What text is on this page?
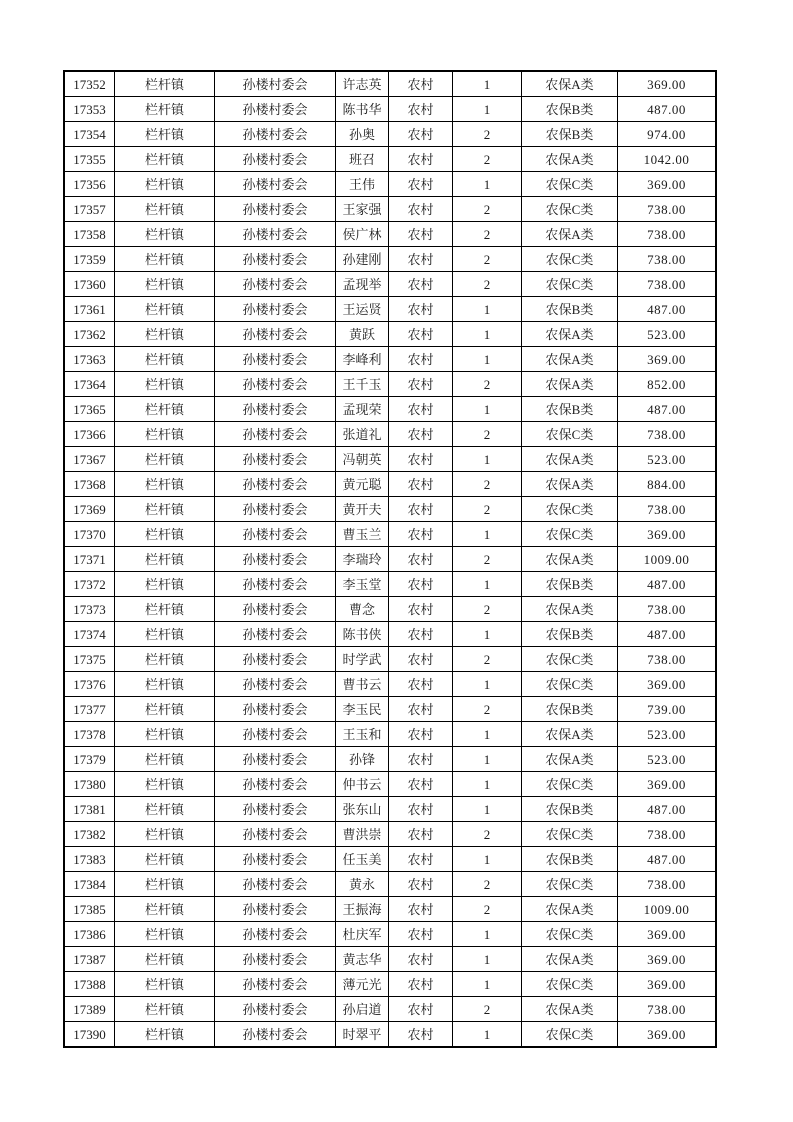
17352	栏杆镇	孙楼村委会	许志英	农村	1	农保A类	369.00
17353	栏杆镇	孙楼村委会	陈书华	农村	1	农保B类	487.00
17354	栏杆镇	孙楼村委会	孙奥	农村	2	农保B类	974.00
17355	栏杆镇	孙楼村委会	班召	农村	2	农保A类	1042.00
17356	栏杆镇	孙楼村委会	王伟	农村	1	农保C类	369.00
17357	栏杆镇	孙楼村委会	王家强	农村	2	农保C类	738.00
17358	栏杆镇	孙楼村委会	侯广林	农村	2	农保A类	738.00
17359	栏杆镇	孙楼村委会	孙建刚	农村	2	农保C类	738.00
17360	栏杆镇	孙楼村委会	孟现举	农村	2	农保C类	738.00
17361	栏杆镇	孙楼村委会	王运贤	农村	1	农保B类	487.00
17362	栏杆镇	孙楼村委会	黄跃	农村	1	农保A类	523.00
17363	栏杆镇	孙楼村委会	李峰利	农村	1	农保A类	369.00
17364	栏杆镇	孙楼村委会	王千玉	农村	2	农保A类	852.00
17365	栏杆镇	孙楼村委会	孟现荣	农村	1	农保B类	487.00
17366	栏杆镇	孙楼村委会	张道礼	农村	2	农保C类	738.00
17367	栏杆镇	孙楼村委会	冯朝英	农村	1	农保A类	523.00
17368	栏杆镇	孙楼村委会	黄元聪	农村	2	农保A类	884.00
17369	栏杆镇	孙楼村委会	黄开夫	农村	2	农保C类	738.00
17370	栏杆镇	孙楼村委会	曹玉兰	农村	1	农保C类	369.00
17371	栏杆镇	孙楼村委会	李瑞玲	农村	2	农保A类	1009.00
17372	栏杆镇	孙楼村委会	李玉堂	农村	1	农保B类	487.00
17373	栏杆镇	孙楼村委会	曹念	农村	2	农保A类	738.00
17374	栏杆镇	孙楼村委会	陈书侠	农村	1	农保B类	487.00
17375	栏杆镇	孙楼村委会	时学武	农村	2	农保C类	738.00
17376	栏杆镇	孙楼村委会	曹书云	农村	1	农保C类	369.00
17377	栏杆镇	孙楼村委会	李玉民	农村	2	农保B类	739.00
17378	栏杆镇	孙楼村委会	王玉和	农村	1	农保A类	523.00
17379	栏杆镇	孙楼村委会	孙锋	农村	1	农保A类	523.00
17380	栏杆镇	孙楼村委会	仲书云	农村	1	农保C类	369.00
17381	栏杆镇	孙楼村委会	张东山	农村	1	农保B类	487.00
17382	栏杆镇	孙楼村委会	曹洪崇	农村	2	农保C类	738.00
17383	栏杆镇	孙楼村委会	任玉美	农村	1	农保B类	487.00
17384	栏杆镇	孙楼村委会	黄永	农村	2	农保C类	738.00
17385	栏杆镇	孙楼村委会	王振海	农村	2	农保A类	1009.00
17386	栏杆镇	孙楼村委会	杜庆军	农村	1	农保C类	369.00
17387	栏杆镇	孙楼村委会	黄志华	农村	1	农保A类	369.00
17388	栏杆镇	孙楼村委会	薄元光	农村	1	农保C类	369.00
17389	栏杆镇	孙楼村委会	孙启道	农村	2	农保A类	738.00
17390	栏杆镇	孙楼村委会	时翠平	农村	1	农保C类	369.00
